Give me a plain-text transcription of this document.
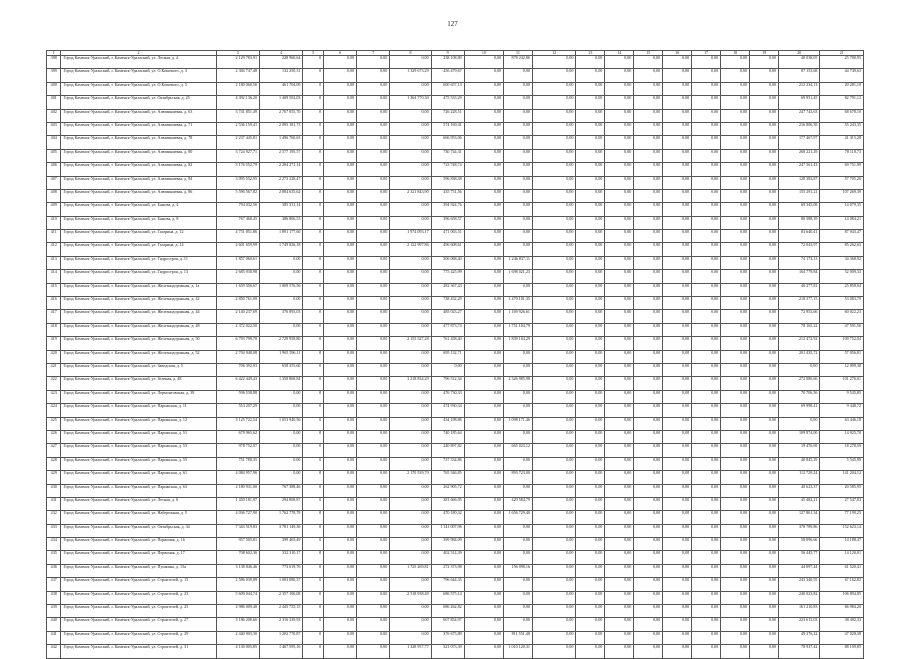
127
1	2	3	4	5	6	7	8	9	10	11	12	13	14	15	16	17	18	19	20	21
398	Город Каменск-Уральский, г. Каменск-Уральский, ул. Лесная, д. 4	2 129 783,91	228 960,64	0	0,00	0,00	0,00	238 108,80	0,00	878 242,86	0,00	0,00	0,00	0,00	0,00	0,00	0,00	0,00	40 038,05	25 780,95
399	Город Каменск-Уральский, г. Каменск-Уральский, ул. О.Кошевого, д. 3	2 384 747,48	132 250,31	0	0,00	0,00	1 329 673,29	456 479,67	0,00	0,00	0,00	0,00	0,00	0,00	0,00	0,00	0,00	0,00	87 153,68	44 749,63
400	Город Каменск-Уральский, г. Каменск-Уральский, ул. О.Кошевого, д. 5	2 180 060,56	461 704,09	0	0,00	0,00	0,00	600 657,13	0,00	0,00	0,00	0,00	0,00	0,00	0,00	0,00	0,00	0,00	212 234,13	20 281,10
401	Город Каменск-Уральский, г. Каменск-Уральский, ул. Октябрьская, д. 25	4 392 136,20	1 409 502,03	0	0,00	0,00	1 364 770,30	475 533,29	0,00	0,00	0,00	0,00	0,00	0,00	0,00	0,00	0,00	0,00	69 951,45	82 791,12
402	Город Каменск-Уральский, г. Каменск-Уральский, ул. Алюминиевая, д. 63	3 741 851,49	2 767 055,70	0	0,00	0,00	0,00	726 228,51	0,00	0,00	0,00	0,00	0,00	0,00	0,00	0,00	0,00	0,00	247 743,63	68 678,10
403	Город Каменск-Уральский, г. Каменск-Уральский, ул. Алюминиевая, д. 71	2 536 159,41	2 095 181,73	0	0,00	0,00	0,00	574 169,41	0,00	0,00	0,00	0,00	0,00	0,00	0,00	0,00	0,00	0,00	216 806,39	55 243,35
404	Город Каменск-Уральский, г. Каменск-Уральский, ул. Алюминиевая, д. 78	2 237 445,81	1 496 760,63	0	0,00	0,00	0,00	666 953,06	0,00	0,00	0,00	0,00	0,00	0,00	0,00	0,00	0,00	0,00	177 467,97	41 315,28
405	Город Каменск-Уральский, г. Каменск-Уральский, ул. Алюминиевая, д. 80	3 724 927,71	2 577 195,57	0	0,00	0,00	0,00	730 744,31	0,00	0,00	0,00	0,00	0,00	0,00	0,00	0,00	0,00	0,00	268 221,29	78 118,73
406	Город Каменск-Уральский, г. Каменск-Уральский, ул. Алюминиевая, д. 82	3 176 552,79	2 284 271,14	0	0,00	0,00	0,00	723 748,74	0,00	0,00	0,00	0,00	0,00	0,00	0,00	0,00	0,00	0,00	247 561,43	69 751,99
407	Город Каменск-Уральский, г. Каменск-Уральский, ул. Алюминиевая, д. 84	3 095 552,95	2 273 228,47	0	0,00	0,00	0,00	596 838,38	0,00	0,00	0,00	0,00	0,00	0,00	0,00	0,00	0,00	0,00	128 383,87	57 705,20
408	Город Каменск-Уральский, г. Каменск-Уральский, ул. Алюминиевая, д. 86	5 596 567,82	2 884 635,62	0	0,00	0,00	2 321 843,90	435 751,56	0,00	0,00	0,00	0,00	0,00	0,00	0,00	0,00	0,00	0,00	155 291,21	107 269,39
409	Город Каменск-Уральский, г. Каменск-Уральский, ул. Бажова, д. 4	794 032,56	385 531,14	0	0,00	0,00	0,00	394 924,76	0,00	0,00	0,00	0,00	0,00	0,00	0,00	0,00	0,00	0,00	69 345,08	14 079,35
410	Город Каменск-Уральский, г. Каменск-Уральский, ул. Бажова, д. 8	767 460,45	386 806,53	0	0,00	0,00	0,00	396 658,57	0,00	0,00	0,00	0,00	0,00	0,00	0,00	0,00	0,00	0,00	80 588,39	14 084,21
411	Город Каменск-Уральский, г. Каменск-Уральский, ул. Гагарина, д. 12	4 751 851,86	1 891 177,60	0	0,00	0,00	1 974 093,17	471 063,51	0,00	0,00	0,00	0,00	0,00	0,00	0,00	0,00	0,00	0,00	83 640,41	87 943,47
412	Город Каменск-Уральский, г. Каменск-Уральский, ул. Гагарина, д. 14	4 601 659,99	1 749 826,18	0	0,00	0,00	2 122 997,86	496 608,61	0,00	0,00	0,00	0,00	0,00	0,00	0,00	0,00	0,00	0,00	72 043,97	85 262,63
413	Город Каменск-Уральский, г. Каменск-Уральский, ул. Гидростроя, д. 11	1 857 060,61	0,00	0	0,00	0,00	0,00	506 068,40	0,00	1 246 837,11	0,00	0,00	0,00	0,00	0,00	0,00	0,00	0,00	74 173,13	34 368,92
414	Город Каменск-Уральский, г. Каменск-Уральский, ул. Гидростроя, д. 13	2 685 930,98	0,00	0	0,00	0,00	0,00	775 425,99	0,00	1 698 021,23	0,00	0,00	0,00	0,00	0,00	0,00	0,00	0,00	164 779,84	52 009,33
415	Город Каменск-Уральский, г. Каменск-Уральский, ул. Железнодорожная, д. 1а	1 659 356,67	1 009 576,56	0	0,00	0,00	0,00	282 367,43	0,00	0,00	0,00	0,00	0,00	0,00	0,00	0,00	0,00	0,00	46 277,81	25 858,04
416	Город Каменск-Уральский, г. Каменск-Уральский, ул. Железнодорожная, д. 42	2 850 761,09	0,00	0	0,00	0,00	0,00	738 432,29	0,00	1 470 101,35	0,00	0,00	0,00	0,00	0,00	0,00	0,00	0,00	218 377,15	53 083,79
417	Город Каменск-Уральский, г. Каменск-Уральский, ул. Железнодорожная, д. 44	2 140 237,69	376 093,03	0	0,00	0,00	0,00	485 023,27	0,00	1 169 926,61	0,00	0,00	0,00	0,00	0,00	0,00	0,00	0,00	72 953,66	60 022,23
418	Город Каменск-Уральский, г. Каменск-Уральский, ул. Железнодорожная, д. 48	2 372 022,50	0,00	0	0,00	0,00	0,00	477 873,74	0,00	1 751 104,79	0,00	0,00	0,00	0,00	0,00	0,00	0,00	0,00	78 165,22	47 591,56
419	Город Каменск-Уральский, г. Каменск-Уральский, ул. Железнодорожная, д. 50	6 793 799,78	2 729 958,80	0	0,00	0,00	2 155 527,28	761 458,40	0,00	1 839 104,29	0,00	0,00	0,00	0,00	0,00	0,00	0,00	0,00	212 472,92	109 752,04
420	Город Каменск-Уральский, г. Каменск-Уральский, ул. Железнодорожная, д. 52	2 704 948,08	1 965 596,11	0	0,00	0,00	0,00	695 132,71	0,00	0,00	0,00	0,00	0,00	0,00	0,00	0,00	0,00	0,00	201 435,72	57 056,81
421	Город Каменск-Уральский, г. Каменск-Уральский, ул. Заводская, д. 5	706 392,93	658 355,60	0	0,00	0,00	0,00	0,00	0,00	0,00	0,00	0,00	0,00	0,00	0,00	0,00	0,00	0,00	0,00	12 099,38
422	Город Каменск-Уральский, г. Каменск-Уральский, ул. Зеленая, д. 48	6 422 449,43	1 358 868,84	0	0,00	0,00	3 218 834,29	796 512,34	0,00	2 326 985,98	0,00	0,00	0,00	0,00	0,00	0,00	0,00	0,00	272 086,66	101 276,01
423	Город Каменск-Уральский, г. Каменск-Уральский, ул. Лермонтовская, д. 39	596 538,88	0,00	0	0,00	0,00	0,00	476 730,33	0,00	0,00	0,00	0,00	0,00	0,00	0,00	0,00	0,00	0,00	70 706,56	9 545,85
424	Город Каменск-Уральский, г. Каменск-Уральский, ул. Парижская, д. 11	553 207,29	0,00	0	0,00	0,00	0,00	474 930,34	0,00	0,00	0,00	0,00	0,00	0,00	0,00	0,00	0,00	0,00	69 998,41	9 448,72
425	Город Каменск-Уральский, г. Каменск-Уральский, ул. Парижская, д. 12	3 125 722,54	1 053 940,56	0	0,00	0,00	0,00	434 198,86	0,00	1 098 171,46	0,00	0,00	0,00	0,00	0,00	0,00	0,00	0,00	0,00	63 446,18
426	Город Каменск-Уральский, г. Каменск-Уральский, ул. Парижская, д. 51	679 965,62	0,00	0	0,00	0,00	0,00	740 185,64	0,00	0,00	0,00	0,00	0,00	0,00	0,00	0,00	0,00	0,00	109 874,00	14 925,70
427	Город Каменск-Уральский, г. Каменск-Уральский, ул. Парижская, д. 53	978 752,07	0,00	0	0,00	0,00	0,00	240 897,82	0,00	665 023,12	0,00	0,00	0,00	0,00	0,00	0,00	0,00	0,00	19 476,69	18 278,59
428	Город Каменск-Уральский, г. Каменск-Уральский, ул. Парижская, д. 55	751 780,35	0,00	0	0,00	0,00	0,00	737 334,86	0,00	0,00	0,00	0,00	0,00	0,00	0,00	0,00	0,00	0,00	40 845,29	5 545,99
429	Город Каменск-Уральский, г. Каменск-Уральский, ул. Парижская, д. 61	4 084 957,96	0,00	0	0,00	0,00	2 170 539,70	765 346,85	0,00	893 723,00	0,00	0,00	0,00	0,00	0,00	0,00	0,00	0,00	112 729,24	141 204,12
430	Город Каменск-Уральский, г. Каменск-Уральский, ул. Парижская, д. 63	2 180 931,00	767 388,46	0	0,00	0,00	0,00	262 905,72	0,00	0,00	0,00	0,00	0,00	0,00	0,00	0,00	0,00	0,00	40 623,37	20 585,95
431	Город Каменск-Уральский, г. Каменск-Уральский, ул. Лесная, д. 6	1 450 181,97	294 808,87	0	0,00	0,00	0,00	381 666,95	0,00	420 584,79	0,00	0,00	0,00	0,00	0,00	0,00	0,00	0,00	45 482,21	27 547,03
432	Город Каменск-Уральский, г. Каменск-Уральский, ул. Набережная, д. 5	4 036 727,90	1 762 778,78	0	0,00	0,00	0,00	470 180,32	0,00	1 656 729,40	0,00	0,00	0,00	0,00	0,00	0,00	0,00	0,00	127 861,34	77 199,25
433	Город Каменск-Уральский, г. Каменск-Уральский, ул. Октябрьская, д. 34	7 343 519,83	3 781 149,36	0	0,00	0,00	0,00	1 141 007,96	0,00	0,00	0,00	0,00	0,00	0,00	0,00	0,00	0,00	0,00	378 789,86	152 623,14
434	Город Каменск-Уральский, г. Каменск-Уральский, ул. Первомая, д. 16	957 505,81	399 465,49	0	0,00	0,00	0,00	399 984,09	0,00	0,00	0,00	0,00	0,00	0,00	0,00	0,00	0,00	0,00	58 096,66	14 188,47
435	Город Каменск-Уральский, г. Каменск-Уральский, ул. Первомая, д. 17	708 602,36	332 310,17	0	0,00	0,00	0,00	402 514,39	0,00	0,00	0,00	0,00	0,00	0,00	0,00	0,00	0,00	0,00	56 445,77	14 120,01
436	Город Каменск-Уральский, г. Каменск-Уральский, ул. Пушкина, д. 15а	3 138 846,46	773 619,76	0	0,00	0,00	1 725 269,81	272 373,98	0,00	156 098,16	0,00	0,00	0,00	0,00	0,00	0,00	0,00	0,00	44 097,44	61 520,41
437	Город Каменск-Уральский, г. Каменск-Уральский, ул. Строителей, д. 15	2 586 039,89	1 003 080,37	0	0,00	0,00	0,00	796 644,35	0,00	0,00	0,00	0,00	0,00	0,00	0,00	0,00	0,00	0,00	243 340,55	67 162,82
438	Город Каменск-Уральский, г. Каменск-Уральский, ул. Строителей, д. 23	5 609 044,74	2 357 106,08	0	0,00	0,00	2 518 938,49	686 575,14	0,00	0,00	0,00	0,00	0,00	0,00	0,00	0,00	0,00	0,00	240 023,82	106 894,85
439	Город Каменск-Уральский, г. Каменск-Уральский, ул. Строителей, д. 25	2 986 009,40	2 445 755,15	0	0,00	0,00	0,00	686 262,82	0,00	0,00	0,00	0,00	0,00	0,00	0,00	0,00	0,00	0,00	161 210,83	66 984,20
440	Город Каменск-Уральский, г. Каменск-Уральский, ул. Строителей, д. 27	3 186 208,66	2 316 339,93	0	0,00	0,00	0,00	607 854,97	0,00	0,00	0,00	0,00	0,00	0,00	0,00	0,00	0,00	0,00	223 615,03	38 492,33
441	Город Каменск-Уральский, г. Каменск-Уральский, ул. Строителей, д. 29	2 440 903,30	1 202 770,87	0	0,00	0,00	0,00	376 675,89	0,00	811 551,48	0,00	0,00	0,00	0,00	0,00	0,00	0,00	0,00	49 376,22	47 028,38
442	Город Каменск-Уральский, г. Каменск-Уральский, ул. Строителей, д. 31	4 130 005,85	1 467 595,16	0	0,00	0,00	1 328 957,77	321 073,39	0,00	1 010 120,31	0,00	0,00	0,00	0,00	0,00	0,00	0,00	0,00	78 937,42	88 109,85
